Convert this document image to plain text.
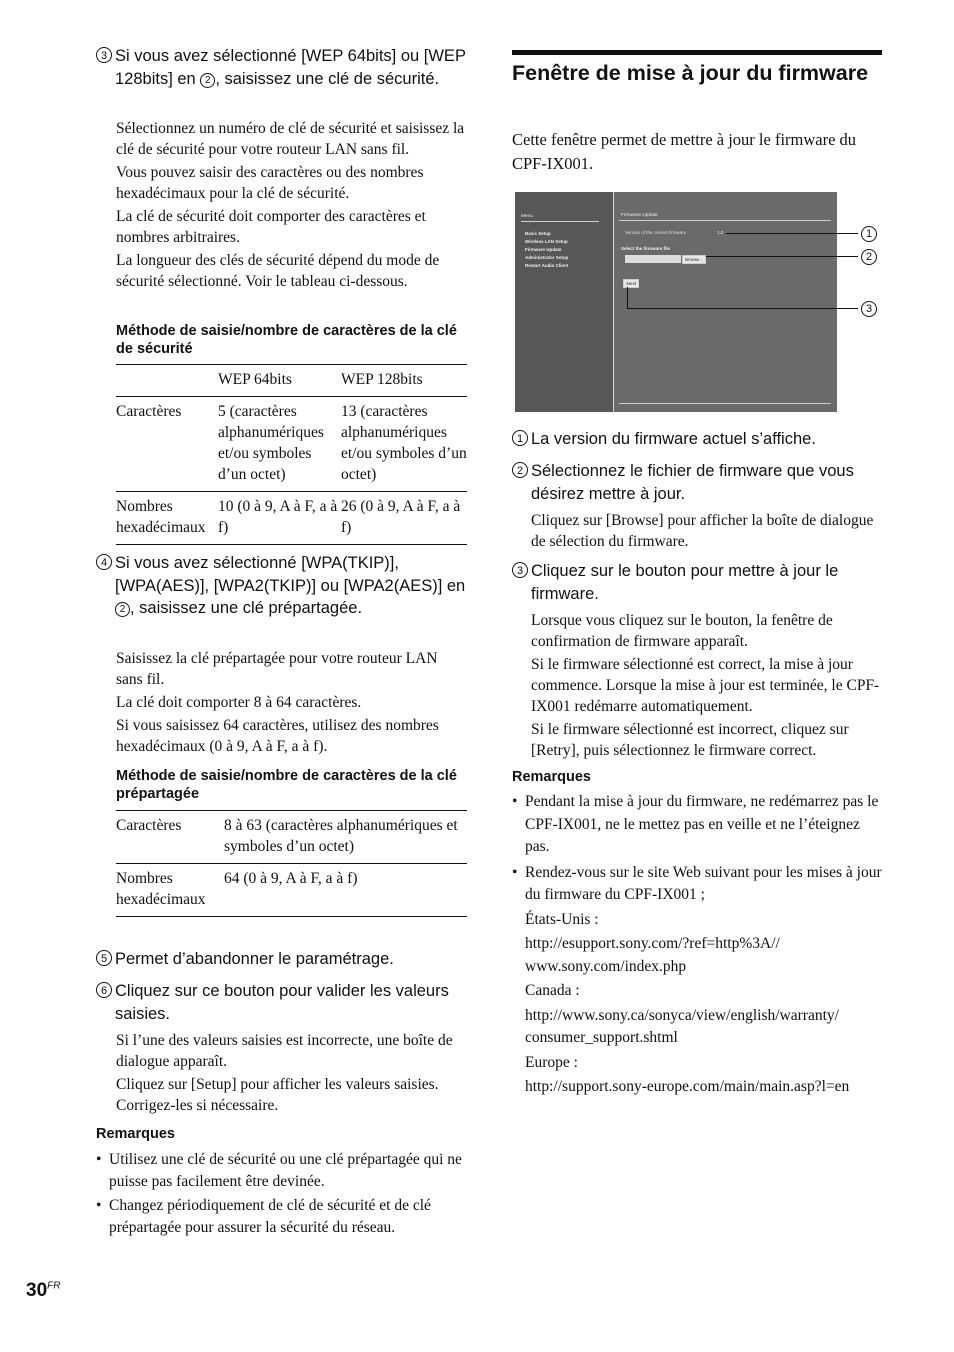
3 Si vous avez sélectionné [WEP 64bits] ou [WEP 128bits] en 2 , saisissez une clé de sécurité.

Sélectionnez un numéro de clé de sécurité et saisissez la clé de sécurité pour votre routeur LAN sans fil.

Vous pouvez saisir des caractères ou des nombres hexadécimaux pour la clé de sécurité.

La clé de sécurité doit comporter des caractères et nombres arbitraires.

La longueur des clés de sécurité dépend du mode de sécurité sélectionné. Voir le tableau ci-dessous.

Méthode de saisie/nombre de caractères de la clé de sécurité
	WEP 64bits	WEP 128bits
Caractères	5 (caractères alphanumériques et/ou symboles d’un octet)	13 (caractères alphanumériques et/ou symboles d’un octet)
Nombres hexadécimaux	10 (0 à 9, A à F, a à f)	26 (0 à 9, A à F, a à f)
4 Si vous avez sélectionné [WPA(TKIP)], [WPA(AES)], [WPA2(TKIP)] ou [WPA2(AES)] en 2 , saisissez une clé prépartagée.

Saisissez la clé prépartagée pour votre routeur LAN sans fil.

La clé doit comporter 8 à 64 caractères.

Si vous saisissez 64 caractères, utilisez des nombres hexadécimaux (0 à 9, A à F, a à f).

Méthode de saisie/nombre de caractères de la clé prépartagée
Caractères	8 à 63 (caractères alphanumériques et symboles d’un octet)
Nombres hexadécimaux	64 (0 à 9, A à F, a à f)
5 Permet d’abandonner le paramétrage.
6 Cliquez sur ce bouton pour valider les valeurs saisies.

Si l’une des valeurs saisies est incorrecte, une boîte de dialogue apparaît.

Cliquez sur [Setup] pour afficher les valeurs saisies. Corrigez-les si nécessaire.

Remarques
• Utilisez une clé de sécurité ou une clé prépartagée qui ne puisse pas facilement être devinée.
• Changez périodiquement de clé de sécurité et de clé prépartagée pour assurer la sécurité du réseau.
$30^{FR}$
Fenêtre de mise à jour du firmware
Cette fenêtre permet de mettre à jour le firmware du CPF-IX001.
Menu
Basic Setup
Wireless LAN Setup
Firmware Update
Administrator Setup
Restart Audio Client
Firmware Update
Version of the current firmware	1.0
Select the firmware file
Browse...
Send
1
2
3
1 La version du firmware actuel s’affiche.
2 Sélectionnez le fichier de firmware que vous désirez mettre à jour.

Cliquez sur [Browse] pour afficher la boîte de dialogue de sélection du firmware.

3 Cliquez sur le bouton pour mettre à jour le firmware.

Lorsque vous cliquez sur le bouton, la fenêtre de confirmation de firmware apparaît.

Si le firmware sélectionné est correct, la mise à jour commence. Lorsque la mise à jour est terminée, le CPF-IX001 redémarre automatiquement.

Si le firmware sélectionné est incorrect, cliquez sur [Retry], puis sélectionnez le firmware correct.

Remarques
• Pendant la mise à jour du firmware, ne redémarrez pas le CPF-IX001, ne le mettez pas en veille et ne l’éteignez pas.
• Rendez-vous sur le site Web suivant pour les mises à jour du firmware du CPF-IX001 ;
États-Unis :
http://esupport.sony.com/?ref=http%3A// www.sony.com/index.php
Canada :
http://www.sony.ca/sonyca/view/english/warranty/ consumer_support.shtml
Europe :
http://support.sony-europe.com/main/main.asp?l=en
